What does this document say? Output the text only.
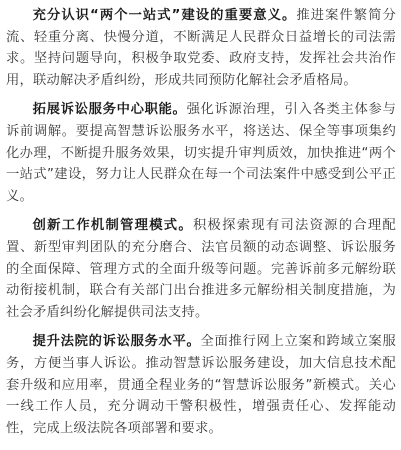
充分认识“两个一站式”建设的重要意义。推进案件繁简分流、轻重分离、快慢分道，不断满足人民群众日益增长的司法需求。坚持问题导向，积极争取党委、政府支持，发挥社会共治作用，联动解决矛盾纠纷，形成共同预防化解社会矛盾格局。

拓展诉讼服务中心职能。强化诉源治理，引入各类主体参与诉前调解。要提高智慧诉讼服务水平，将送达、保全等事项集约化办理，不断提升服务效果，切实提升审判质效，加快推进“两个一站式”建设，努力让人民群众在每一个司法案件中感受到公平正义。

创新工作机制管理模式。积极探索现有司法资源的合理配置、新型审判团队的充分磨合、法官员额的动态调整、诉讼服务的全面保障、管理方式的全面升级等问题。完善诉前多元解纷联动衔接机制，联合有关部门出台推进多元解纷相关制度措施，为社会矛盾纠纷化解提供司法支持。

提升法院的诉讼服务水平。全面推行网上立案和跨域立案服务，方便当事人诉讼。推动智慧诉讼服务建设，加大信息技术配套升级和应用率，贯通全程业务的“智慧诉讼服务”新模式。关心一线工作人员，充分调动干警积极性，增强责任心、发挥能动性，完成上级法院各项部署和要求。
